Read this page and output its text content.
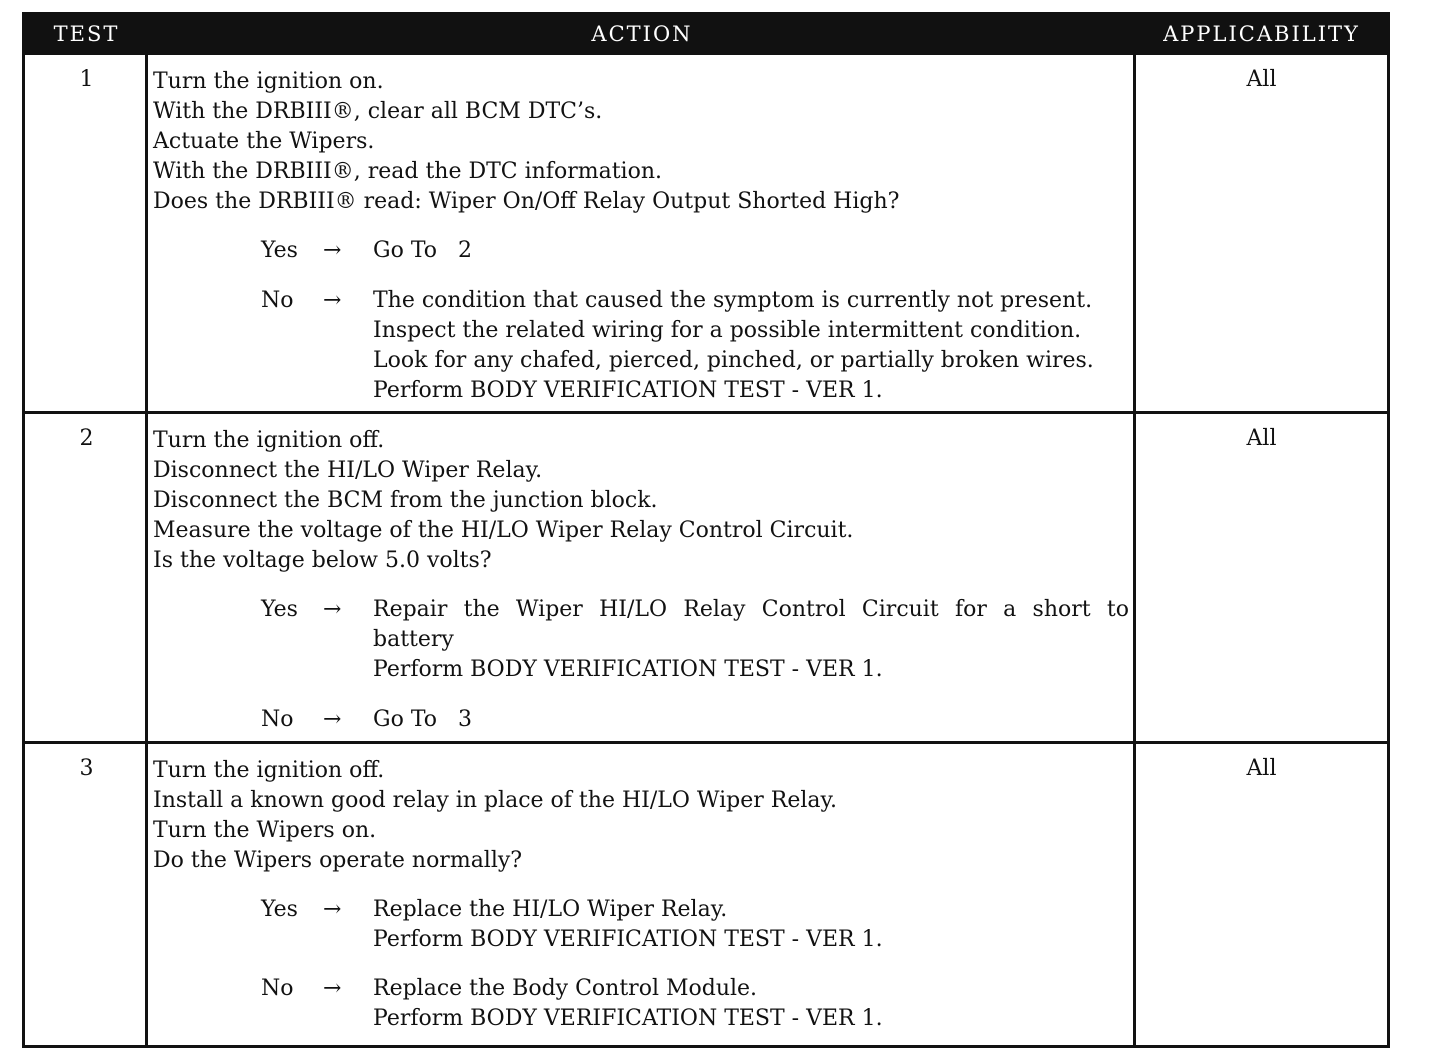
TEST	ACTION	APPLICABILITY
1	Turn the ignition on.
With the DRBIII®, clear all BCM DTC’s.
Actuate the Wipers.
With the DRBIII®, read the DTC information.
Does the DRBIII® read: Wiper On/Off Relay Output Shorted High?
Yes	→	Go To   2
No	→	The condition that caused the symptom is currently not present.
Inspect the related wiring for a possible intermittent condition.
Look for any chafed, pierced, pinched, or partially broken wires.
Perform BODY VERIFICATION TEST - VER 1.
All
2	Turn the ignition off.
Disconnect the HI/LO Wiper Relay.
Disconnect the BCM from the junction block.
Measure the voltage of the HI/LO Wiper Relay Control Circuit.
Is the voltage below 5.0 volts?
Yes	→	Repair the Wiper HI/LO Relay Control Circuit for a short to
battery
Perform BODY VERIFICATION TEST - VER 1.
No	→	Go To   3
All
3	Turn the ignition off.
Install a known good relay in place of the HI/LO Wiper Relay.
Turn the Wipers on.
Do the Wipers operate normally?
Yes	→	Replace the HI/LO Wiper Relay.
Perform BODY VERIFICATION TEST - VER 1.
No	→	Replace the Body Control Module.
Perform BODY VERIFICATION TEST - VER 1.
All
